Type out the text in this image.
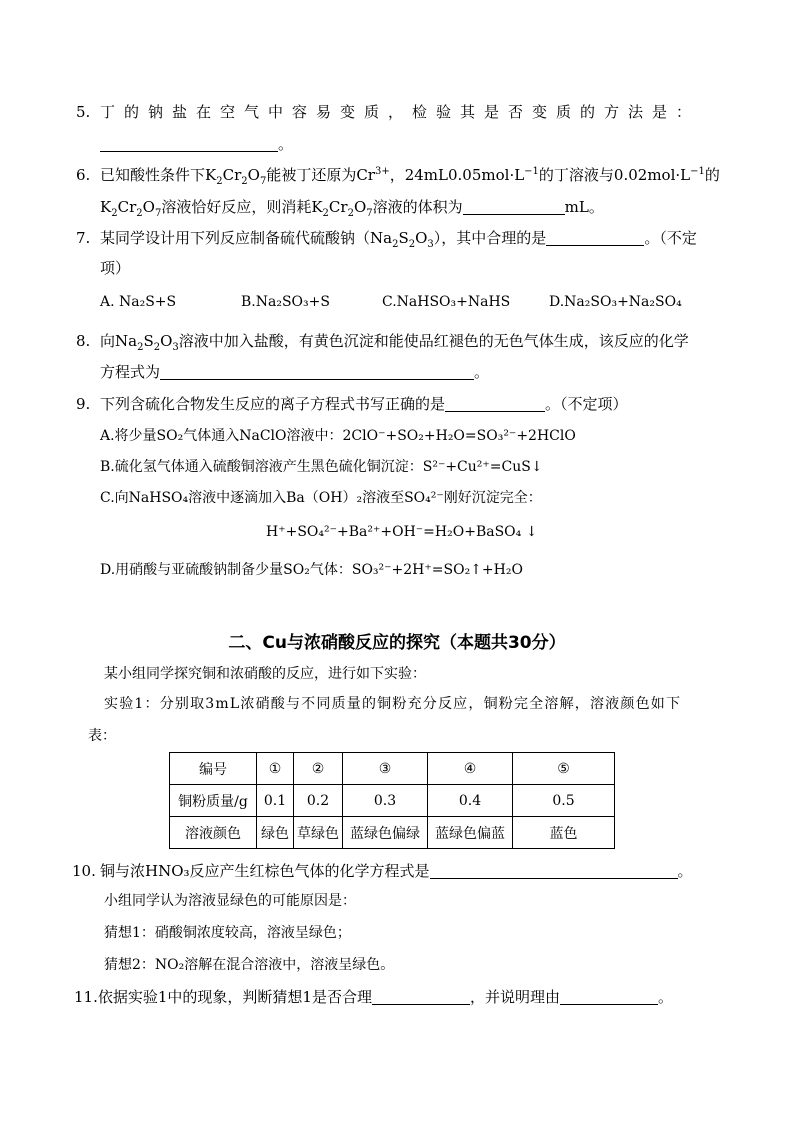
5. 丁的钠盐在空气中容易变质，检验其是否变质的方法是：
。
6. 已知酸性条件下$K_2Cr_2O_7$能被丁还原为$Cr^{3+}$，$24mL0.05mol\cdot L^{-1}$的丁溶液与$0.02mol\cdot L^{-1}$的
$K_2Cr_2O_7$溶液恰好反应，则消耗$K_2Cr_2O_7$溶液的体积为	mL。
7. 某同学设计用下列反应制备硫代硫酸钠$(Na_2S_2O_3)$，其中合理的是	。（不定
项）
A. Na₂S+S	B.Na₂SO₃+S	C.NaHSO₃+NaHS	D.Na₂SO₃+Na₂SO₄
8. 向$Na_2S_2O_3$溶液中加入盐酸，有黄色沉淀和能使品红褪色的无色气体生成，该反应的化学
方程式为	。
9. 下列含硫化合物发生反应的离子方程式书写正确的是	。（不定项）
A.将少量SO₂气体通入NaClO溶液中：2ClO⁻+SO₂+H₂O=SO₃²⁻+2HClO
B.硫化氢气体通入硫酸铜溶液产生黑色硫化铜沉淀：S²⁻+Cu²⁺=CuS↓
C.向NaHSO₄溶液中逐滴加入Ba（OH）₂溶液至SO₄²⁻刚好沉淀完全：
H⁺+SO₄²⁻+Ba²⁺+OH⁻=H₂O+BaSO₄ ↓
D.用硝酸与亚硫酸钠制备少量SO₂气体：SO₃²⁻+2H⁺=SO₂↑+H₂O
二、Cu与浓硝酸反应的探究（本题共30分）
某小组同学探究铜和浓硝酸的反应，进行如下实验：
实验1：分别取3mL浓硝酸与不同质量的铜粉充分反应，铜粉完全溶解，溶液颜色如下
表：
编号	①	②	③	④	⑤
铜粉质量/g	0.1	0.2	0.3	0.4	0.5
溶液颜色	绿色	草绿色	蓝绿色偏绿	蓝绿色偏蓝	蓝色
10. 铜与浓HNO₃反应产生红棕色气体的化学方程式是	。
小组同学认为溶液显绿色的可能原因是：
猜想1：硝酸铜浓度较高，溶液呈绿色；
猜想2：NO₂溶解在混合溶液中，溶液呈绿色。
11.依据实验1中的现象，判断猜想1是否合理	，并说明理由	。
